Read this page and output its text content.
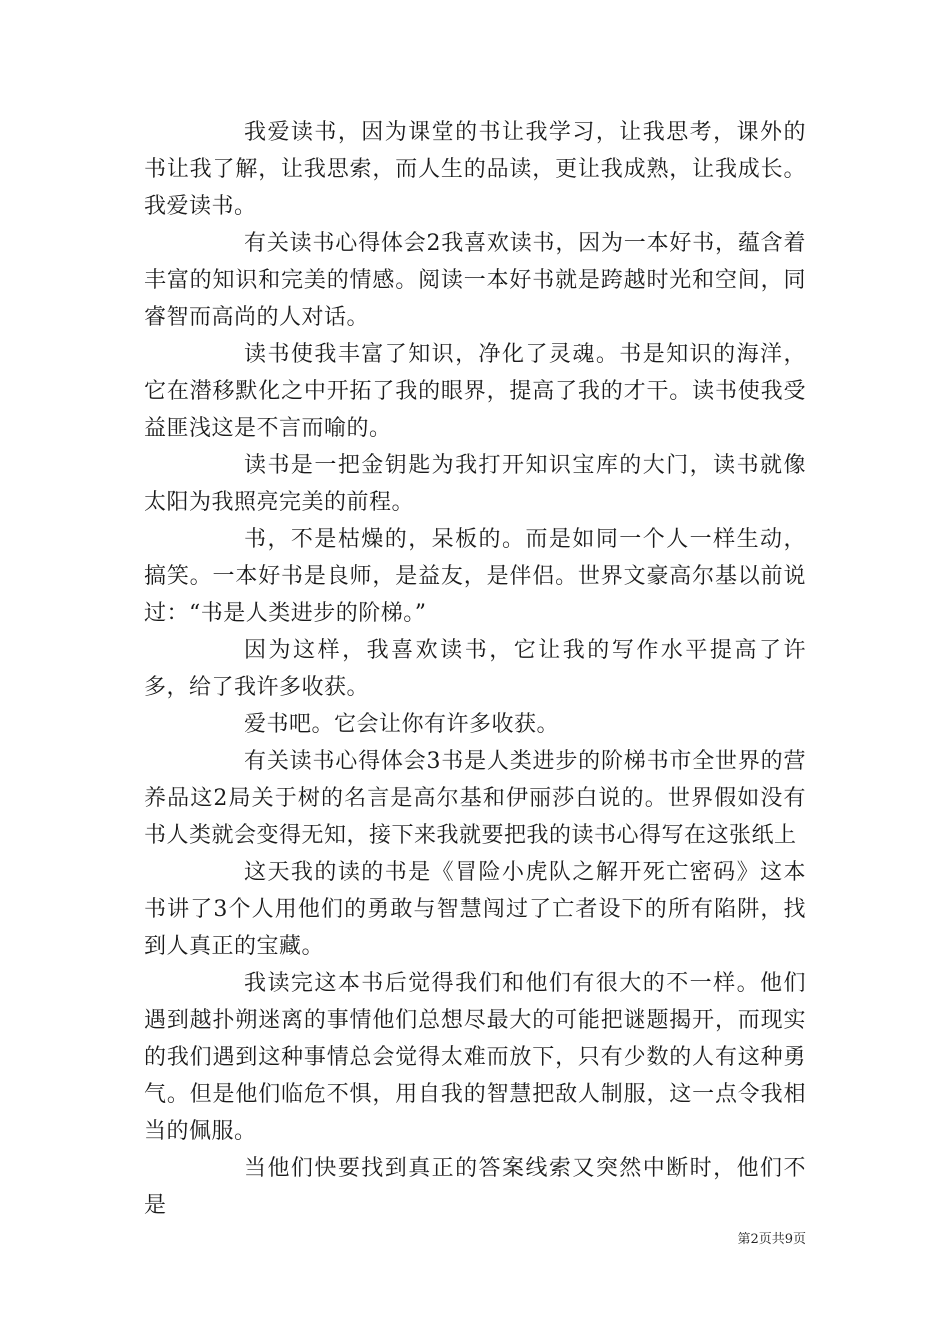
我爱读书，因为课堂的书让我学习，让我思考，课外的书让我了解，让我思索，而人生的品读，更让我成熟，让我成长。我爱读书。

有关读书心得体会2我喜欢读书，因为一本好书，蕴含着丰富的知识和完美的情感。阅读一本好书就是跨越时光和空间，同睿智而高尚的人对话。

读书使我丰富了知识，净化了灵魂。书是知识的海洋，它在潜移默化之中开拓了我的眼界，提高了我的才干。读书使我受益匪浅这是不言而喻的。

读书是一把金钥匙为我打开知识宝库的大门，读书就像太阳为我照亮完美的前程。

书，不是枯燥的，呆板的。而是如同一个人一样生动，搞笑。一本好书是良师，是益友，是伴侣。世界文豪高尔基以前说过：“书是人类进步的阶梯。”

因为这样，我喜欢读书，它让我的写作水平提高了许多，给了我许多收获。

爱书吧。它会让你有许多收获。

有关读书心得体会3书是人类进步的阶梯书市全世界的营养品这2局关于树的名言是高尔基和伊丽莎白说的。世界假如没有书人类就会变得无知，接下来我就要把我的读书心得写在这张纸上

这天我的读的书是《冒险小虎队之解开死亡密码》这本书讲了3个人用他们的勇敢与智慧闯过了亡者设下的所有陷阱，找到人真正的宝藏。

我读完这本书后觉得我们和他们有很大的不一样。他们遇到越扑朔迷离的事情他们总想尽最大的可能把谜题揭开，而现实的我们遇到这种事情总会觉得太难而放下，只有少数的人有这种勇气。但是他们临危不惧，用自我的智慧把敌人制服，这一点令我相当的佩服。

当他们快要找到真正的答案线索又突然中断时，他们不是

第2页共9页
